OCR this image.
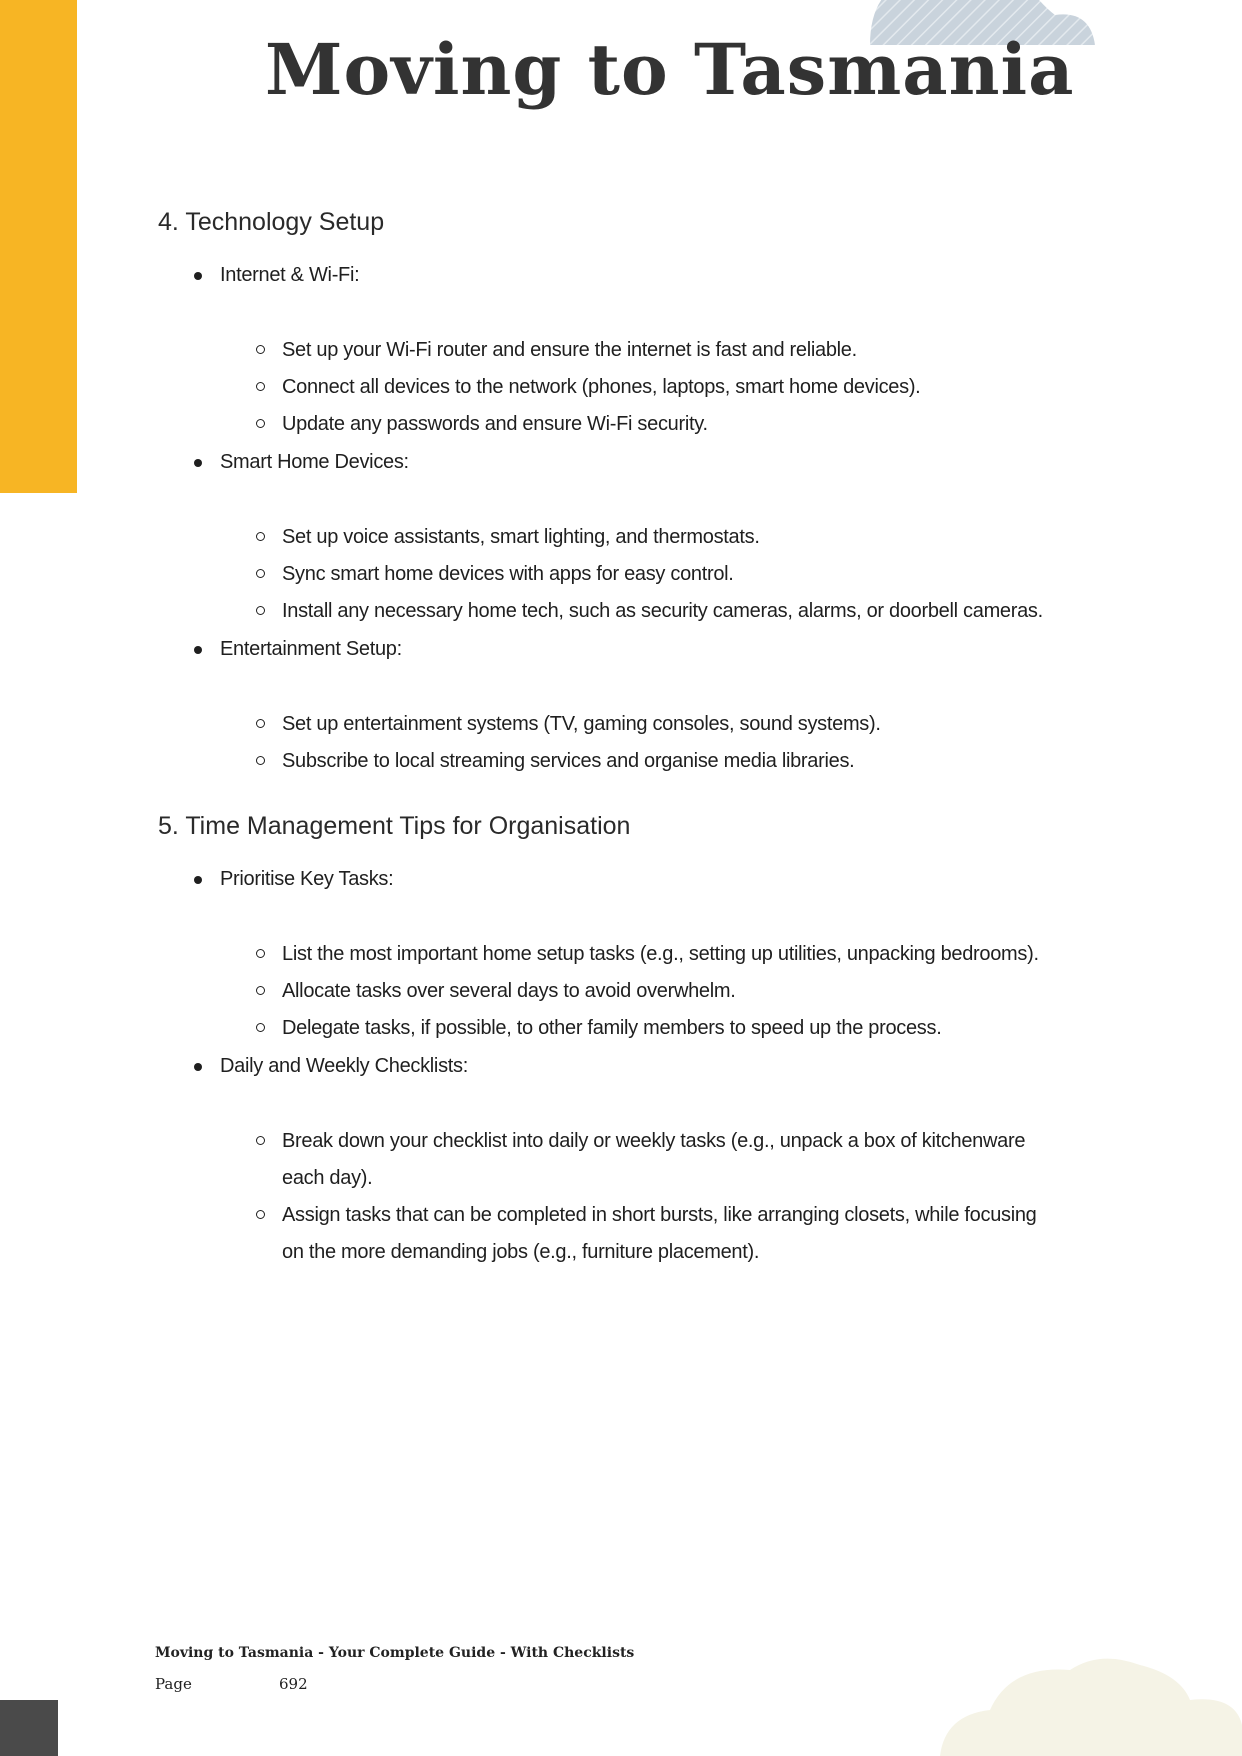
Moving to Tasmania
4. Technology Setup
Internet & Wi-Fi:
Set up your Wi-Fi router and ensure the internet is fast and reliable.
Connect all devices to the network (phones, laptops, smart home devices).
Update any passwords and ensure Wi-Fi security.
Smart Home Devices:
Set up voice assistants, smart lighting, and thermostats.
Sync smart home devices with apps for easy control.
Install any necessary home tech, such as security cameras, alarms, or doorbell cameras.
Entertainment Setup:
Set up entertainment systems (TV, gaming consoles, sound systems).
Subscribe to local streaming services and organise media libraries.
5. Time Management Tips for Organisation
Prioritise Key Tasks:
List the most important home setup tasks (e.g., setting up utilities, unpacking bedrooms).
Allocate tasks over several days to avoid overwhelm.
Delegate tasks, if possible, to other family members to speed up the process.
Daily and Weekly Checklists:
Break down your checklist into daily or weekly tasks (e.g., unpack a box of kitchenware each day).
Assign tasks that can be completed in short bursts, like arranging closets, while focusing on the more demanding jobs (e.g., furniture placement).

Moving to Tasmania - Your Complete Guide - With Checklists

Page	692
